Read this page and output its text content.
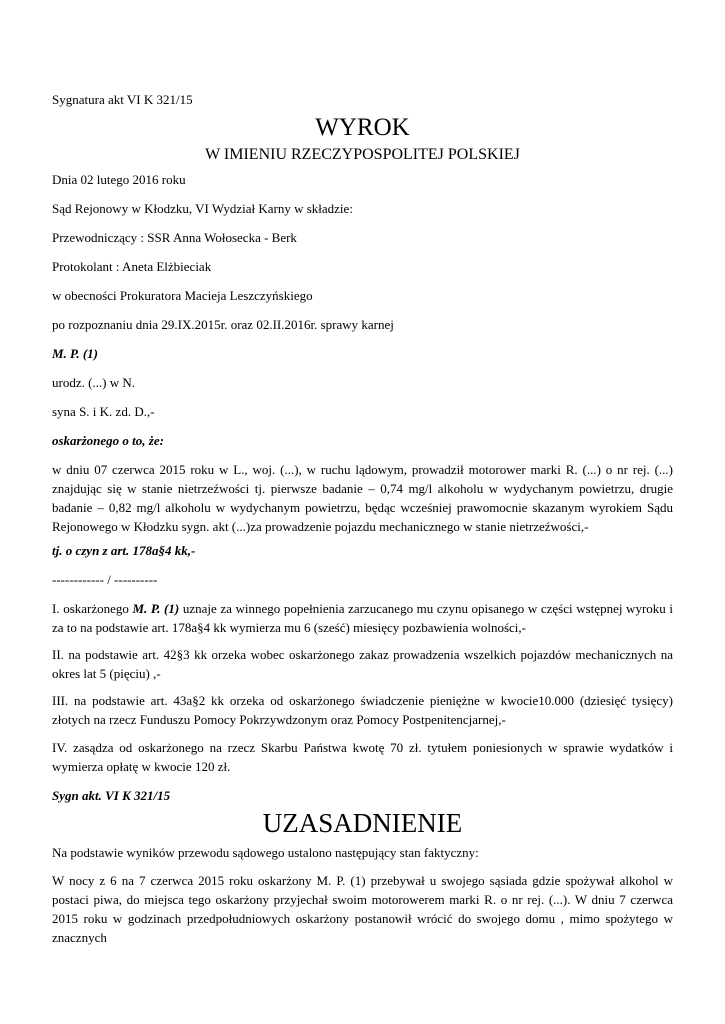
Sygnatura akt VI K 321/15
WYROK
W IMIENIU RZECZYPOSPOLITEJ POLSKIEJ
Dnia 02 lutego 2016 roku
Sąd Rejonowy w Kłodzku, VI Wydział Karny w składzie:
Przewodniczący : SSR Anna Wołosecka - Berk
Protokolant : Aneta Elżbieciak
w obecności Prokuratora Macieja Leszczyńskiego
po rozpoznaniu dnia 29.IX.2015r. oraz 02.II.2016r. sprawy karnej
M. P. (1)
urodz. (...) w N.
syna S. i K. zd. D.,-
oskarżonego o to, że:
w dniu 07 czerwca 2015 roku w L., woj. (...), w ruchu lądowym, prowadził motorower marki R. (...) o nr rej. (...) znajdując się w stanie nietrzeźwości tj. pierwsze badanie – 0,74 mg/l alkoholu w wydychanym powietrzu, drugie badanie – 0,82 mg/l alkoholu w wydychanym powietrzu, będąc wcześniej prawomocnie skazanym wyrokiem Sądu Rejonowego w Kłodzku sygn. akt (...)za prowadzenie pojazdu mechanicznego w stanie nietrzeźwości,-
tj. o czyn z art. 178a§4 kk,-
------------ / ----------
I. oskarżonego M. P. (1) uznaje za winnego popełnienia zarzucanego mu czynu opisanego w części wstępnej wyroku i za to na podstawie art. 178a§4 kk wymierza mu 6 (sześć) miesięcy pozbawienia wolności,-
II. na podstawie art. 42§3 kk orzeka wobec oskarżonego zakaz prowadzenia wszelkich pojazdów mechanicznych na okres lat 5 (pięciu) ,-
III. na podstawie art. 43a§2 kk orzeka od oskarżonego świadczenie pieniężne w kwocie10.000 (dziesięć tysięcy) złotych na rzecz Funduszu Pomocy Pokrzywdzonym oraz Pomocy Postpenitencjarnej,-
IV. zasądza od oskarżonego na rzecz Skarbu Państwa kwotę 70 zł. tytułem poniesionych w sprawie wydatków i wymierza opłatę w kwocie 120 zł.
Sygn akt. VI K 321/15
UZASADNIENIE
Na podstawie wyników przewodu sądowego ustalono następujący stan faktyczny:
W nocy z 6 na 7 czerwca 2015 roku oskarżony M. P. (1) przebywał u swojego sąsiada gdzie spożywał alkohol w postaci piwa, do miejsca tego oskarżony przyjechał swoim motorowerem marki R. o nr rej. (...). W dniu 7 czerwca 2015 roku w godzinach przedpołudniowych oskarżony postanowił wrócić do swojego domu , mimo spożytego w znacznych
